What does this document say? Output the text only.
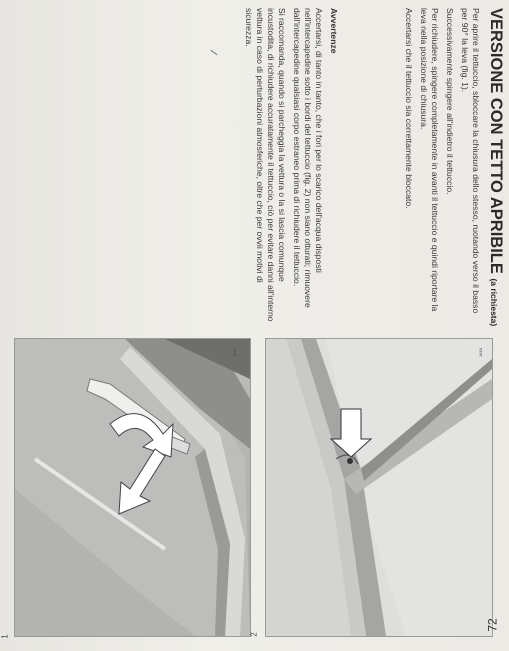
1
1617
2
1618
72
VERSIONE CON TETTO APRIBILE (a richiesta)

Per aprire il tettuccio, sbloccare la chiusura dello stesso, ruotando verso il basso per 90° la leva (fig. 1).

Successivamente spingere all'indietro il tettuccio.

Per richiudere, spingere completamente in avanti il tettuccio e quindi riportare la leva nella posizione di chiusura.

Accertarsi che il tettuccio sia correttamente bloccato.

Avvertenze

Accertarsi, di tanto in tanto, che i fori per lo scarico dell'acqua disposti nell'intercapedine sotto i bordi del tettuccio (fig. 2) non siano otturati; rimuovere dall'intercapedine qualsiasi corpo estraneo prima di richiudere il tettuccio.

Si raccomanda, quando si parcheggia la vettura o la si lascia comunque incustodita, di richiudere accuratamente il tettuccio, ciò per evitare danni all'interno vettura in caso di perturbazioni atmosferiche, oltre che per ovvii motivi di sicurezza.
